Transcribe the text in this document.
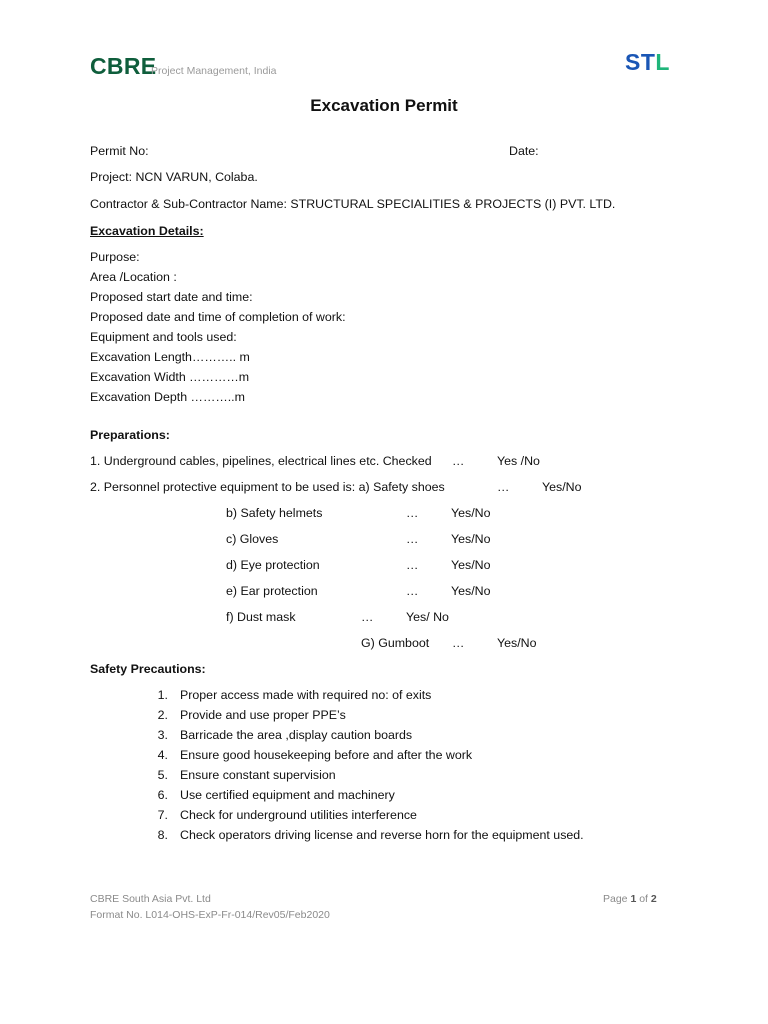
CBRE
Project Management, India	STL
Excavation Permit
Permit No:	Date:
Project: NCN VARUN, Colaba.
Contractor & Sub-Contractor Name: STRUCTURAL SPECIALITIES & PROJECTS (I) PVT. LTD.
Excavation Details:
Purpose:
Area /Location :
Proposed start date and time:
Proposed date and time of completion of work:
Equipment and tools used:
Excavation Length……….. m
Excavation Width …………m
Excavation Depth ………..m
Preparations:
1. Underground cables, pipelines, electrical lines etc. Checked …	Yes /No
2. Personnel protective equipment to be used is: a) Safety shoes	…	Yes/No
b) Safety helmets	…	Yes/No
c) Gloves	…	Yes/No
d) Eye protection	…	Yes/No
e) Ear protection	…	Yes/No
f) Dust mask	…	Yes/ No
G) Gumboot …	Yes/No
Safety Precautions:
1. Proper access made with required no: of exits
2. Provide and use proper PPE’s
3. Barricade the area ,display caution boards
4. Ensure good housekeeping before and after the work
5. Ensure constant supervision
6. Use certified equipment and machinery
7. Check for underground utilities interference
8. Check operators driving license and reverse horn for the equipment used.
CBRE South Asia Pvt. Ltd
Format No. L014-OHS-ExP-Fr-014/Rev05/Feb2020
Page 1 of 2
